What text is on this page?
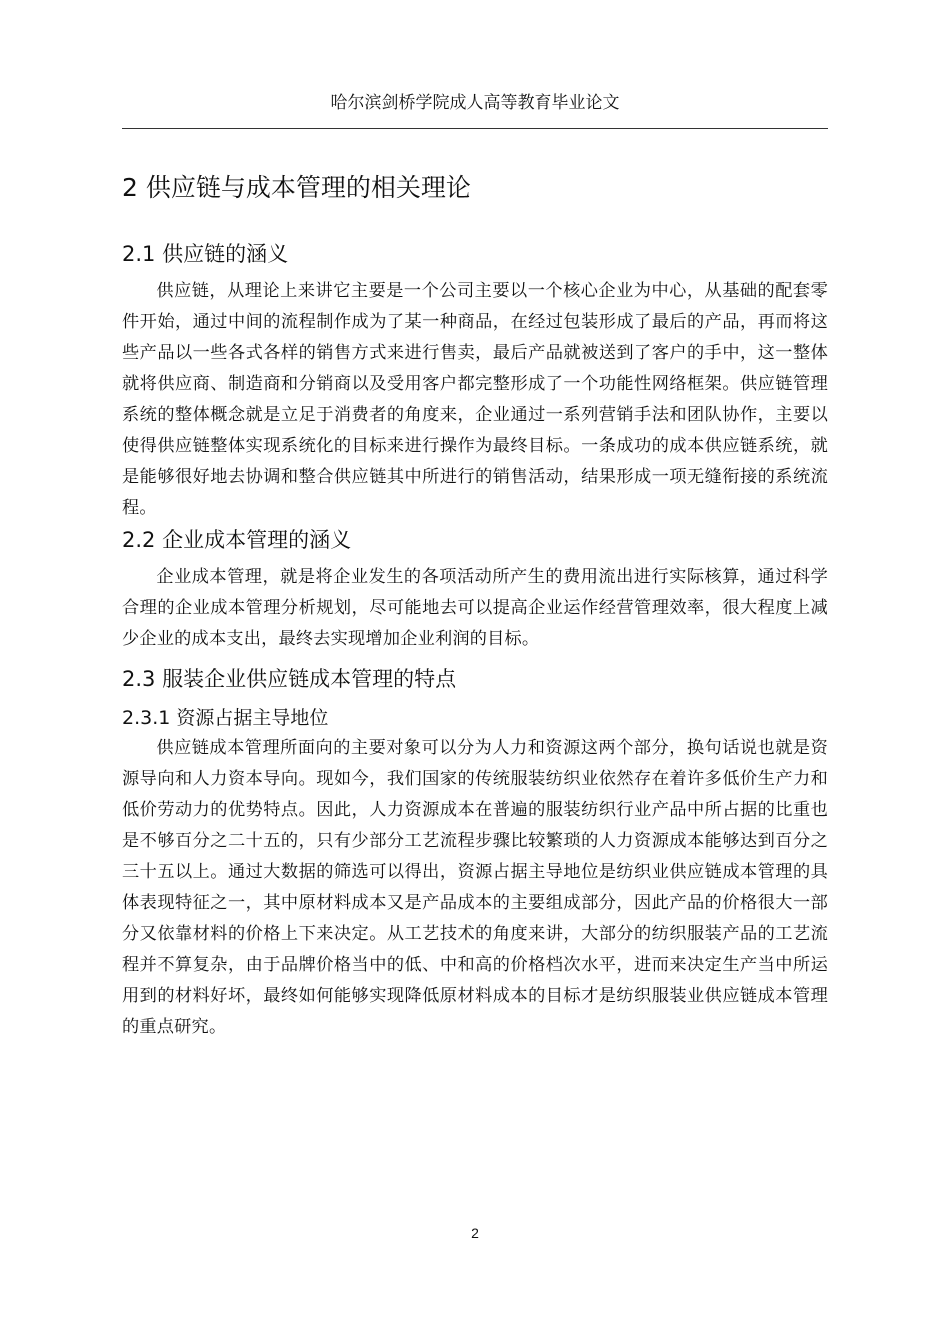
哈尔滨剑桥学院成人高等教育毕业论文
2 供应链与成本管理的相关理论
2.1 供应链的涵义

供应链，从理论上来讲它主要是一个公司主要以一个核心企业为中心，从基础的配套零件开始，通过中间的流程制作成为了某一种商品，在经过包装形成了最后的产品，再而将这些产品以一些各式各样的销售方式来进行售卖，最后产品就被送到了客户的手中，这一整体就将供应商、制造商和分销商以及受用客户都完整形成了一个功能性网络框架。供应链管理系统的整体概念就是立足于消费者的角度来，企业通过一系列营销手法和团队协作，主要以使得供应链整体实现系统化的目标来进行操作为最终目标。一条成功的成本供应链系统，就是能够很好地去协调和整合供应链其中所进行的销售活动，结果形成一项无缝衔接的系统流程。

2.2 企业成本管理的涵义

企业成本管理，就是将企业发生的各项活动所产生的费用流出进行实际核算，通过科学合理的企业成本管理分析规划，尽可能地去可以提高企业运作经营管理效率，很大程度上减少企业的成本支出，最终去实现增加企业利润的目标。

2.3 服装企业供应链成本管理的特点
2.3.1 资源占据主导地位

供应链成本管理所面向的主要对象可以分为人力和资源这两个部分，换句话说也就是资源导向和人力资本导向。现如今，我们国家的传统服装纺织业依然存在着许多低价生产力和低价劳动力的优势特点。因此，人力资源成本在普遍的服装纺织行业产品中所占据的比重也是不够百分之二十五的，只有少部分工艺流程步骤比较繁琐的人力资源成本能够达到百分之三十五以上。通过大数据的筛选可以得出，资源占据主导地位是纺织业供应链成本管理的具体表现特征之一，其中原材料成本又是产品成本的主要组成部分，因此产品的价格很大一部分又依靠材料的价格上下来决定。从工艺技术的角度来讲，大部分的纺织服装产品的工艺流程并不算复杂，由于品牌价格当中的低、中和高的价格档次水平，进而来决定生产当中所运用到的材料好坏，最终如何能够实现降低原材料成本的目标才是纺织服装业供应链成本管理的重点研究。

2
